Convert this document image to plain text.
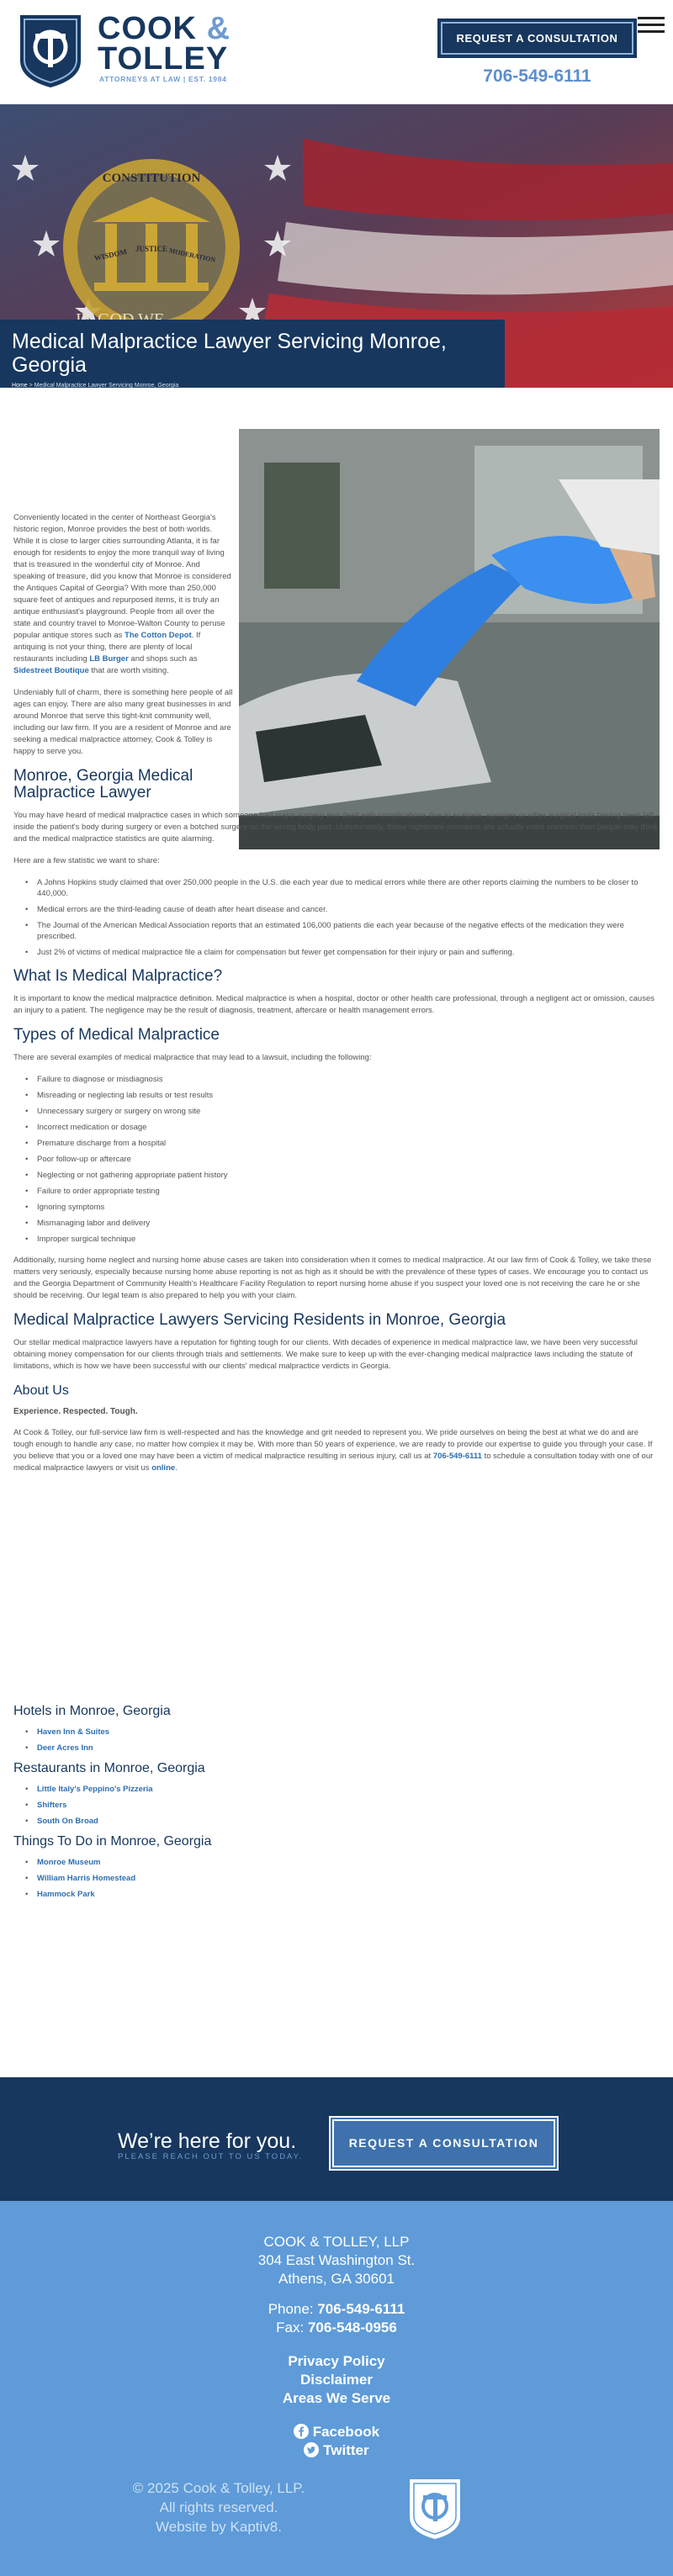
COOK &
TOLLEY
ATTORNEYS AT LAW | EST. 1984
REQUEST A CONSULTATION
706-549-6111
CONSTITUTION
WISDOM JUSTICE MODERATION
Medical Malpractice Lawyer Servicing Monroe, Georgia
Home > Medical Malpractice Lawyer Servicing Monroe, Georgia

Conveniently located in the center of Northeast Georgia's historic region, Monroe provides the best of both worlds. While it is close to larger cities surrounding Atlanta, it is far enough for residents to enjoy the more tranquil way of living that is treasured in the wonderful city of Monroe. And speaking of treasure, did you know that Monroe is considered the Antiques Capital of Georgia? With more than 250,000 square feet of antiques and repurposed items, it is truly an antique enthusiast's playground. People from all over the state and country travel to Monroe-Walton County to peruse popular antique stores such as The Cotton Depot. If antiquing is not your thing, there are plenty of local restaurants including LB Burger and shops such as Sidestreet Boutique that are worth visiting.

Undeniably full of charm, there is something here people of all ages can enjoy. There are also many great businesses in and around Monroe that serve this tight-knit community well, including our law firm. If you are a resident of Monroe and are seeking a medical malpractice attorney, Cook & Tolley is happy to serve you.

Monroe, Georgia Medical Malpractice Lawyer

You may have heard of medical malpractice cases in which someone had major surgery and dealt with complications due to scalpels, sponges or other surgical tools having been left inside the patient's body during surgery or even a botched surgery on the wrong body part. Unfortunately, these nightmare scenarios are actually more common than people may think and the medical malpractice statistics are quite alarming.

Here are a few statistic we want to share:

• A Johns Hopkins study claimed that over 250,000 people in the U.S. die each year due to medical errors while there are other reports claiming the numbers to be closer to 440,000.
• Medical errors are the third-leading cause of death after heart disease and cancer.
• The Journal of the American Medical Association reports that an estimated 106,000 patients die each year because of the negative effects of the medication they were prescribed.
• Just 2% of victims of medical malpractice file a claim for compensation but fewer get compensation for their injury or pain and suffering.
What Is Medical Malpractice?

It is important to know the medical malpractice definition. Medical malpractice is when a hospital, doctor or other health care professional, through a negligent act or omission, causes an injury to a patient. The negligence may be the result of diagnosis, treatment, aftercare or health management errors.

Types of Medical Malpractice

There are several examples of medical malpractice that may lead to a lawsuit, including the following:

• Failure to diagnose or misdiagnosis
• Misreading or neglecting lab results or test results
• Unnecessary surgery or surgery on wrong site
• Incorrect medication or dosage
• Premature discharge from a hospital
• Poor follow-up or aftercare
• Neglecting or not gathering appropriate patient history
• Failure to order appropriate testing
• Ignoring symptoms
• Mismanaging labor and delivery
• Improper surgical technique

Additionally, nursing home neglect and nursing home abuse cases are taken into consideration when it comes to medical malpractice. At our law firm of Cook & Tolley, we take these matters very seriously, especially because nursing home abuse reporting is not as high as it should be with the prevalence of these types of cases. We encourage you to contact us and the Georgia Department of Community Health's Healthcare Facility Regulation to report nursing home abuse if you suspect your loved one is not receiving the care he or she should be receiving. Our legal team is also prepared to help you with your claim.

Medical Malpractice Lawyers Servicing Residents in Monroe, Georgia

Our stellar medical malpractice lawyers have a reputation for fighting tough for our clients. With decades of experience in medical malpractice law, we have been very successful obtaining money compensation for our clients through trials and settlements. We make sure to keep up with the ever-changing medical malpractice laws including the statute of limitations, which is how we have been successful with our clients' medical malpractice verdicts in Georgia.

About Us
Experience. Respected. Tough.

At Cook & Tolley, our full-service law firm is well-respected and has the knowledge and grit needed to represent you. We pride ourselves on being the best at what we do and are tough enough to handle any case, no matter how complex it may be. With more than 50 years of experience, we are ready to provide our expertise to guide you through your case. If you believe that you or a loved one may have been a victim of medical malpractice resulting in serious injury, call us at 706-549-6111 to schedule a consultation today with one of our medical malpractice lawyers or visit us online.

Hotels in Monroe, Georgia
• Haven Inn & Suites
• Deer Acres Inn
Restaurants in Monroe, Georgia
• Little Italy's Peppino's Pizzeria
• Shifters
• South On Broad
Things To Do in Monroe, Georgia
• Monroe Museum
• William Harris Homestead
• Hammock Park
We’re here for you.
PLEASE REACH OUT TO US TODAY.
REQUEST A CONSULTATION
COOK & TOLLEY, LLP
304 East Washington St.
Athens, GA 30601
Phone: 706-549-6111
Fax: 706-548-0956
Privacy Policy
Disclaimer
Areas We Serve
Facebook
Twitter
© 2025 Cook & Tolley, LLP.
All rights reserved.
Website by Kaptiv8.
